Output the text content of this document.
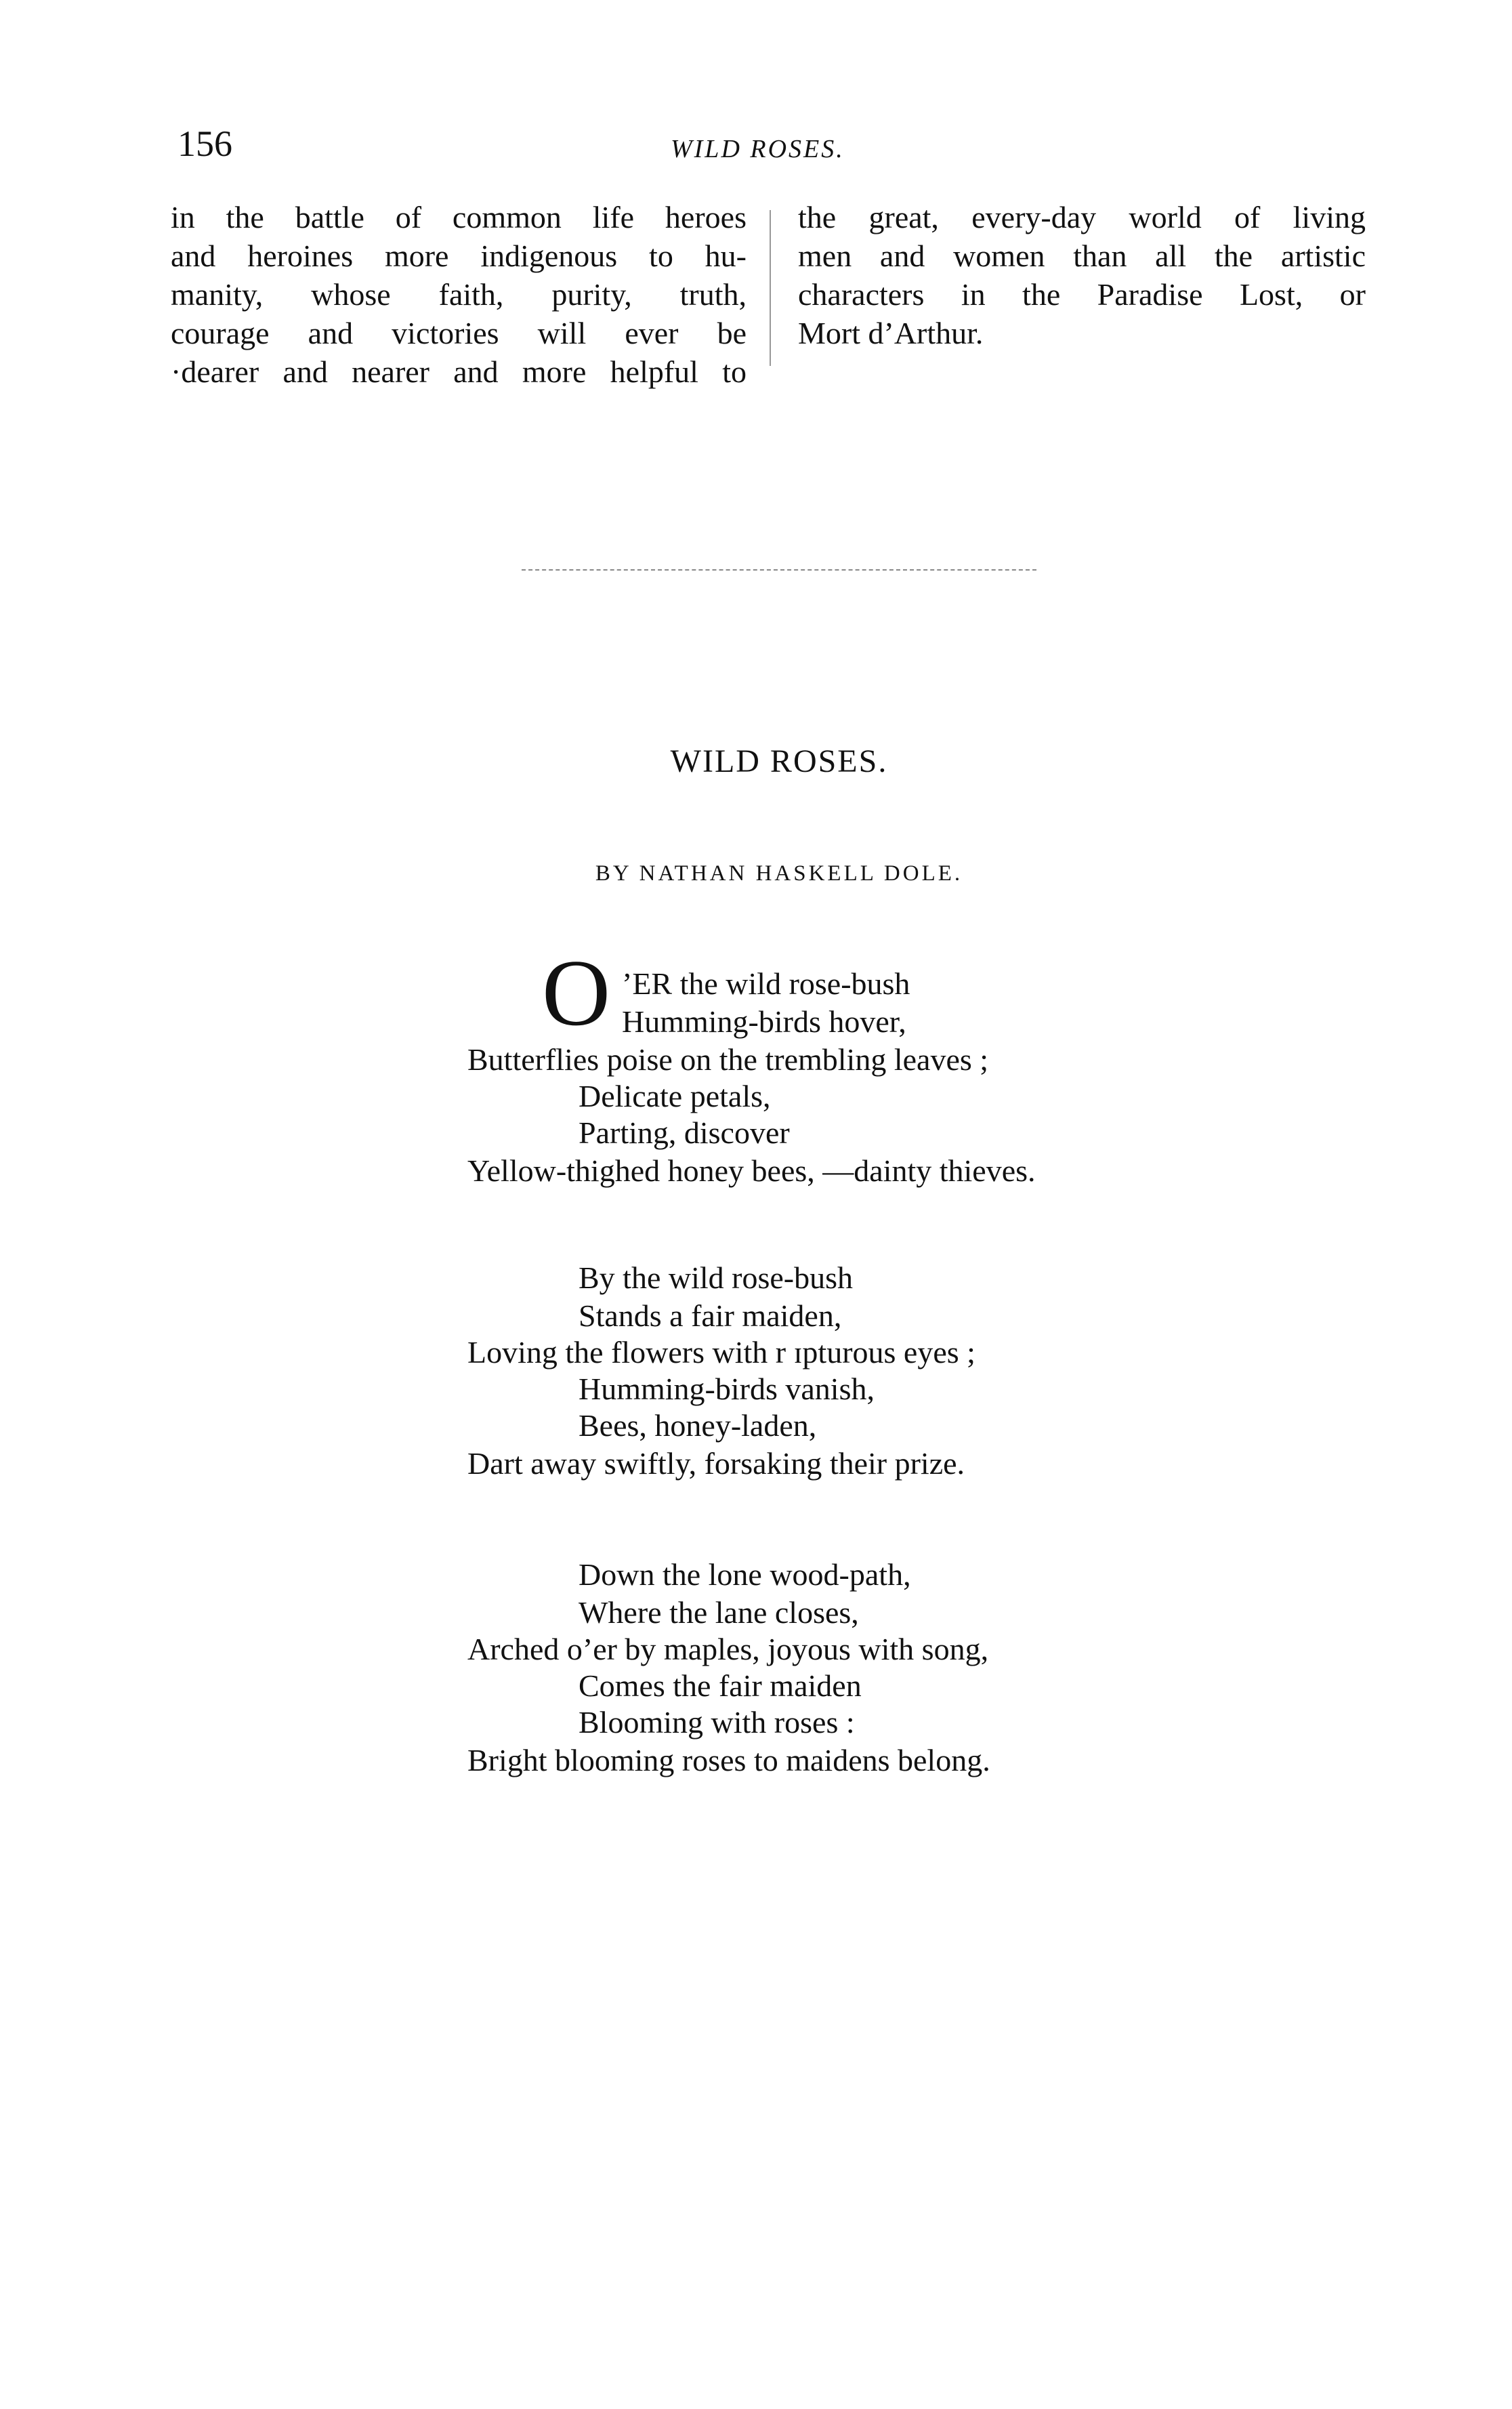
156	WILD ROSES.
in the battle of common life heroes
and heroines more indigenous to hu-
manity, whose faith, purity, truth,
courage and victories will ever be
·dearer and nearer and more helpful to
the great, every-day world of living
men and women than all the artistic
characters in the Paradise Lost, or
Mort d’Arthur.
WILD ROSES.
BY NATHAN HASKELL DOLE.
O ’ER the wild rose-bush
Humming-birds hover,
Butterflies poise on the trembling leaves ;
Delicate petals,
Parting, discover
Yellow-thighed honey bees, —dainty thieves.
By the wild rose-bush
Stands a fair maiden,
Loving the flowers with r ɪpturous eyes ;
Humming-birds vanish,
Bees, honey-laden,
Dart away swiftly, forsaking their prize.
Down the lone wood-path,
Where the lane closes,
Arched o’er by maples, joyous with song,
Comes the fair maiden
Blooming with roses :
Bright blooming roses to maidens belong.
